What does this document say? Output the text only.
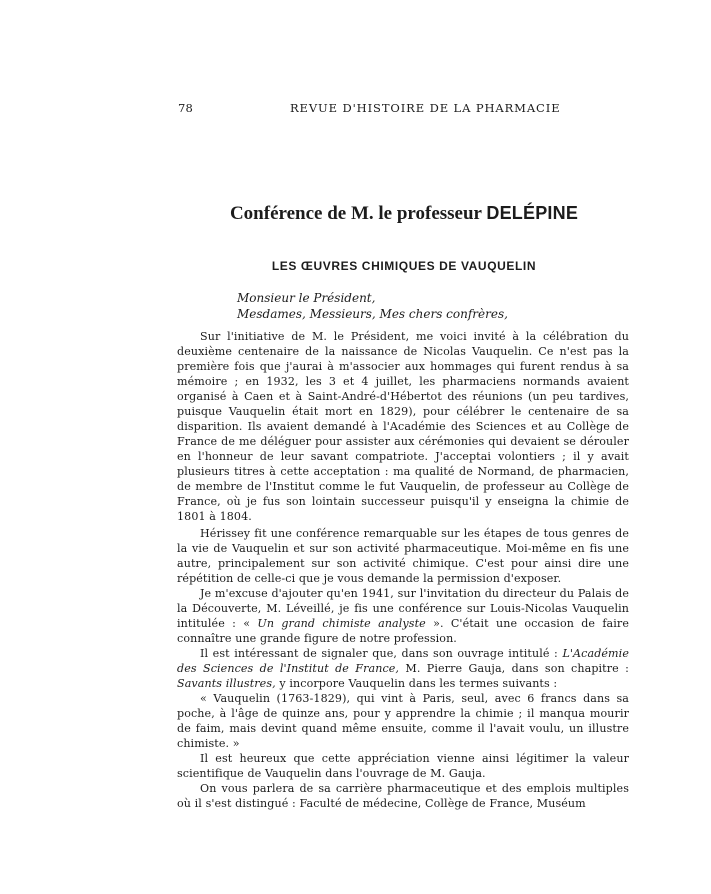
78	REVUE D'HISTOIRE DE LA PHARMACIE
Conférence de M. le professeur DELÉPINE
LES ŒUVRES CHIMIQUES DE VAUQUELIN
Monsieur le Président,
Mesdames, Messieurs, Mes chers confrères,

Sur l'initiative de M. le Président, me voici invité à la célébration du deuxième centenaire de la naissance de Nicolas Vauquelin. Ce n'est pas la première fois que j'aurai à m'associer aux hommages qui furent rendus à sa mémoire ; en 1932, les 3 et 4 juillet, les pharmaciens normands avaient organisé à Caen et à Saint-André-d'Hébertot des réunions (un peu tardives, puisque Vauquelin était mort en 1829), pour célébrer le centenaire de sa disparition. Ils avaient demandé à l'Académie des Sciences et au Collège de France de me déléguer pour assister aux cérémonies qui devaient se dérouler en l'honneur de leur savant compatriote. J'acceptai volontiers ; il y avait plusieurs titres à cette acceptation : ma qualité de Normand, de pharmacien, de membre de l'Institut comme le fut Vauquelin, de professeur au Collège de France, où je fus son lointain successeur puisqu'il y enseigna la chimie de 1801 à 1804.

Hérissey fit une conférence remarquable sur les étapes de tous genres de la vie de Vauquelin et sur son activité pharmaceutique. Moi-même en fis une autre, principalement sur son activité chimique. C'est pour ainsi dire une répétition de celle-ci que je vous demande la permission d'exposer.

Je m'excuse d'ajouter qu'en 1941, sur l'invitation du directeur du Palais de la Découverte, M. Léveillé, je fis une conférence sur Louis-Nicolas Vauquelin intitulée : « Un grand chimiste analyste ». C'était une occasion de faire connaître une grande figure de notre profession.

Il est intéressant de signaler que, dans son ouvrage intitulé : L'Académie des Sciences de l'Institut de France, M. Pierre Gauja, dans son chapitre : Savants illustres, y incorpore Vauquelin dans les termes suivants :

« Vauquelin (1763-1829), qui vint à Paris, seul, avec 6 francs dans sa poche, à l'âge de quinze ans, pour y apprendre la chimie ; il manqua mourir de faim, mais devint quand même ensuite, comme il l'avait voulu, un illustre chimiste. »

Il est heureux que cette appréciation vienne ainsi légitimer la valeur scientifique de Vauquelin dans l'ouvrage de M. Gauja.

On vous parlera de sa carrière pharmaceutique et des emplois multiples où il s'est distingué : Faculté de médecine, Collège de France, Muséum
